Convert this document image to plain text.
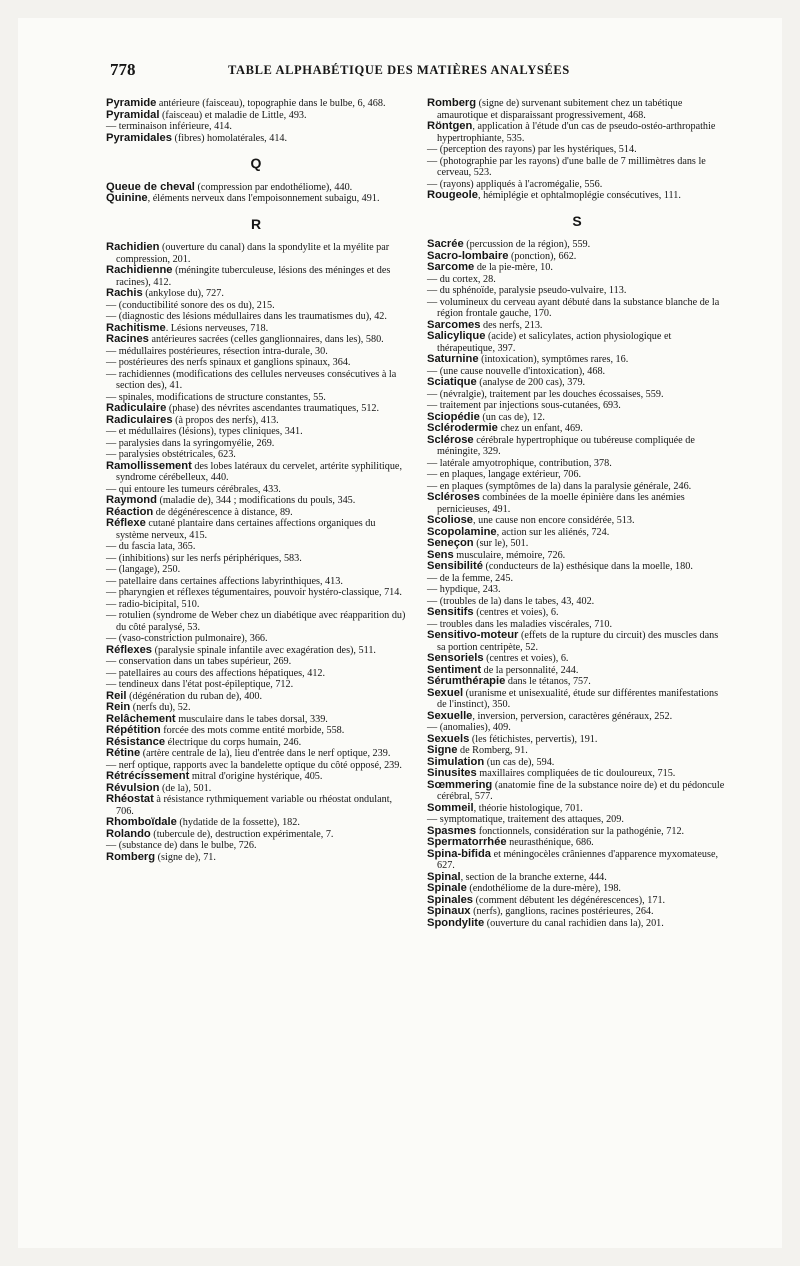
778	TABLE ALPHABÉTIQUE DES MATIÈRES ANALYSÉES

Pyramide antérieure (faisceau), topographie dans le bulbe, 6, 468.

Pyramidal (faisceau) et maladie de Little, 493.

— terminaison inférieure, 414.

Pyramidales (fibres) homolatérales, 414.

Q

Queue de cheval (compression par endothéliome), 440.

Quinine, éléments nerveux dans l'empoisonnement subaigu, 491.

R

Rachidien (ouverture du canal) dans la spondylite et la myélite par compression, 201.

Rachidienne (méningite tuberculeuse, lésions des méninges et des racines), 412.

Rachis (ankylose du), 727.

— (conductibilité sonore des os du), 215.

— (diagnostic des lésions médullaires dans les traumatismes du), 42.

Rachitisme. Lésions nerveuses, 718.

Racines antérieures sacrées (celles ganglionnaires, dans les), 580.

— médullaires postérieures, résection intra-durale, 30.

— postérieures des nerfs spinaux et ganglions spinaux, 364.

— rachidiennes (modifications des cellules nerveuses consécutives à la section des), 41.

— spinales, modifications de structure constantes, 55.

Radiculaire (phase) des névrites ascendantes traumatiques, 512.

Radiculaires (à propos des nerfs), 413.

— et médullaires (lésions), types cliniques, 341.

— paralysies dans la syringomyélie, 269.

— paralysies obstétricales, 623.

Ramollissement des lobes latéraux du cervelet, artérite syphilitique, syndrome cérébelleux, 440.

— qui entoure les tumeurs cérébrales, 433.

Raymond (maladie de), 344 ; modifications du pouls, 345.

Réaction de dégénérescence à distance, 89.

Réflexe cutané plantaire dans certaines affections organiques du système nerveux, 415.

— du fascia lata, 365.

— (inhibitions) sur les nerfs périphériques, 583.

— (langage), 250.

— patellaire dans certaines affections labyrinthiques, 413.

— pharyngien et réflexes tégumentaires, pouvoir hystéro-classique, 714.

— radio-bicipital, 510.

— rotulien (syndrome de Weber chez un diabétique avec réapparition du) du côté paralysé, 53.

— (vaso-constriction pulmonaire), 366.

Réflexes (paralysie spinale infantile avec exagération des), 511.

— conservation dans un tabes supérieur, 269.

— patellaires au cours des affections hépatiques, 412.

— tendineux dans l'état post-épileptique, 712.

Reil (dégénération du ruban de), 400.

Rein (nerfs du), 52.

Relâchement musculaire dans le tabes dorsal, 339.

Répétition forcée des mots comme entité morbide, 558.

Résistance électrique du corps humain, 246.

Rétine (artère centrale de la), lieu d'entrée dans le nerf optique, 239.

— nerf optique, rapports avec la bandelette optique du côté opposé, 239.

Rétrécissement mitral d'origine hystérique, 405.

Révulsion (de la), 501.

Rhéostat à résistance rythmiquement variable ou rhéostat ondulant, 706.

Rhomboïdale (hydatide de la fossette), 182.

Rolando (tubercule de), destruction expérimentale, 7.

— (substance de) dans le bulbe, 726.

Romberg (signe de), 71.

Romberg (signe de) survenant subitement chez un tabétique amaurotique et disparaissant progressivement, 468.

Röntgen, application à l'étude d'un cas de pseudo-ostéo-arthropathie hypertrophiante, 535.

— (perception des rayons) par les hystériques, 514.

— (photographie par les rayons) d'une balle de 7 millimètres dans le cerveau, 523.

— (rayons) appliqués à l'acromégalie, 556.

Rougeole, hémiplégie et ophtalmoplégie consécutives, 111.

S

Sacrée (percussion de la région), 559.

Sacro-lombaire (ponction), 662.

Sarcome de la pie-mère, 10.

— du cortex, 28.

— du sphénoïde, paralysie pseudo-vulvaire, 113.

— volumineux du cerveau ayant débuté dans la substance blanche de la région frontale gauche, 170.

Sarcomes des nerfs, 213.

Salicylique (acide) et salicylates, action physiologique et thérapeutique, 397.

Saturnine (intoxication), symptômes rares, 16.

— (une cause nouvelle d'intoxication), 468.

Sciatique (analyse de 200 cas), 379.

— (névralgie), traitement par les douches écossaises, 559.

— traitement par injections sous-cutanées, 693.

Sciopédie (un cas de), 12.

Sclérodermie chez un enfant, 469.

Sclérose cérébrale hypertrophique ou tubéreuse compliquée de méningite, 329.

— latérale amyotrophique, contribution, 378.

— en plaques, langage extérieur, 706.

— en plaques (symptômes de la) dans la paralysie générale, 246.

Scléroses combinées de la moelle épinière dans les anémies pernicieuses, 491.

Scoliose, une cause non encore considérée, 513.

Scopolamine, action sur les aliénés, 724.

Seneçon (sur le), 501.

Sens musculaire, mémoire, 726.

Sensibilité (conducteurs de la) esthésique dans la moelle, 180.

— de la femme, 245.

— hypdique, 243.

— (troubles de la) dans le tabes, 43, 402.

Sensitifs (centres et voies), 6.

— troubles dans les maladies viscérales, 710.

Sensitivo-moteur (effets de la rupture du circuit) des muscles dans sa portion centripète, 52.

Sensoriels (centres et voies), 6.

Sentiment de la personnalité, 244.

Sérumthérapie dans le tétanos, 757.

Sexuel (uranisme et unisexualité, étude sur différentes manifestations de l'instinct), 350.

Sexuelle, inversion, perversion, caractères généraux, 252.

— (anomalies), 409.

Sexuels (les fétichistes, pervertis), 191.

Signe de Romberg, 91.

Simulation (un cas de), 594.

Sinusites maxillaires compliquées de tic douloureux, 715.

Sœmmering (anatomie fine de la substance noire de) et du pédoncule cérébral, 577.

Sommeil, théorie histologique, 701.

— symptomatique, traitement des attaques, 209.

Spasmes fonctionnels, considération sur la pathogénie, 712.

Spermatorrhée neurasthénique, 686.

Spina-bifida et méningocèles crâniennes d'apparence myxomateuse, 627.

Spinal, section de la branche externe, 444.

Spinale (endothéliome de la dure-mère), 198.

Spinales (comment débutent les dégénérescences), 171.

Spinaux (nerfs), ganglions, racines postérieures, 264.

Spondylite (ouverture du canal rachidien dans la), 201.
